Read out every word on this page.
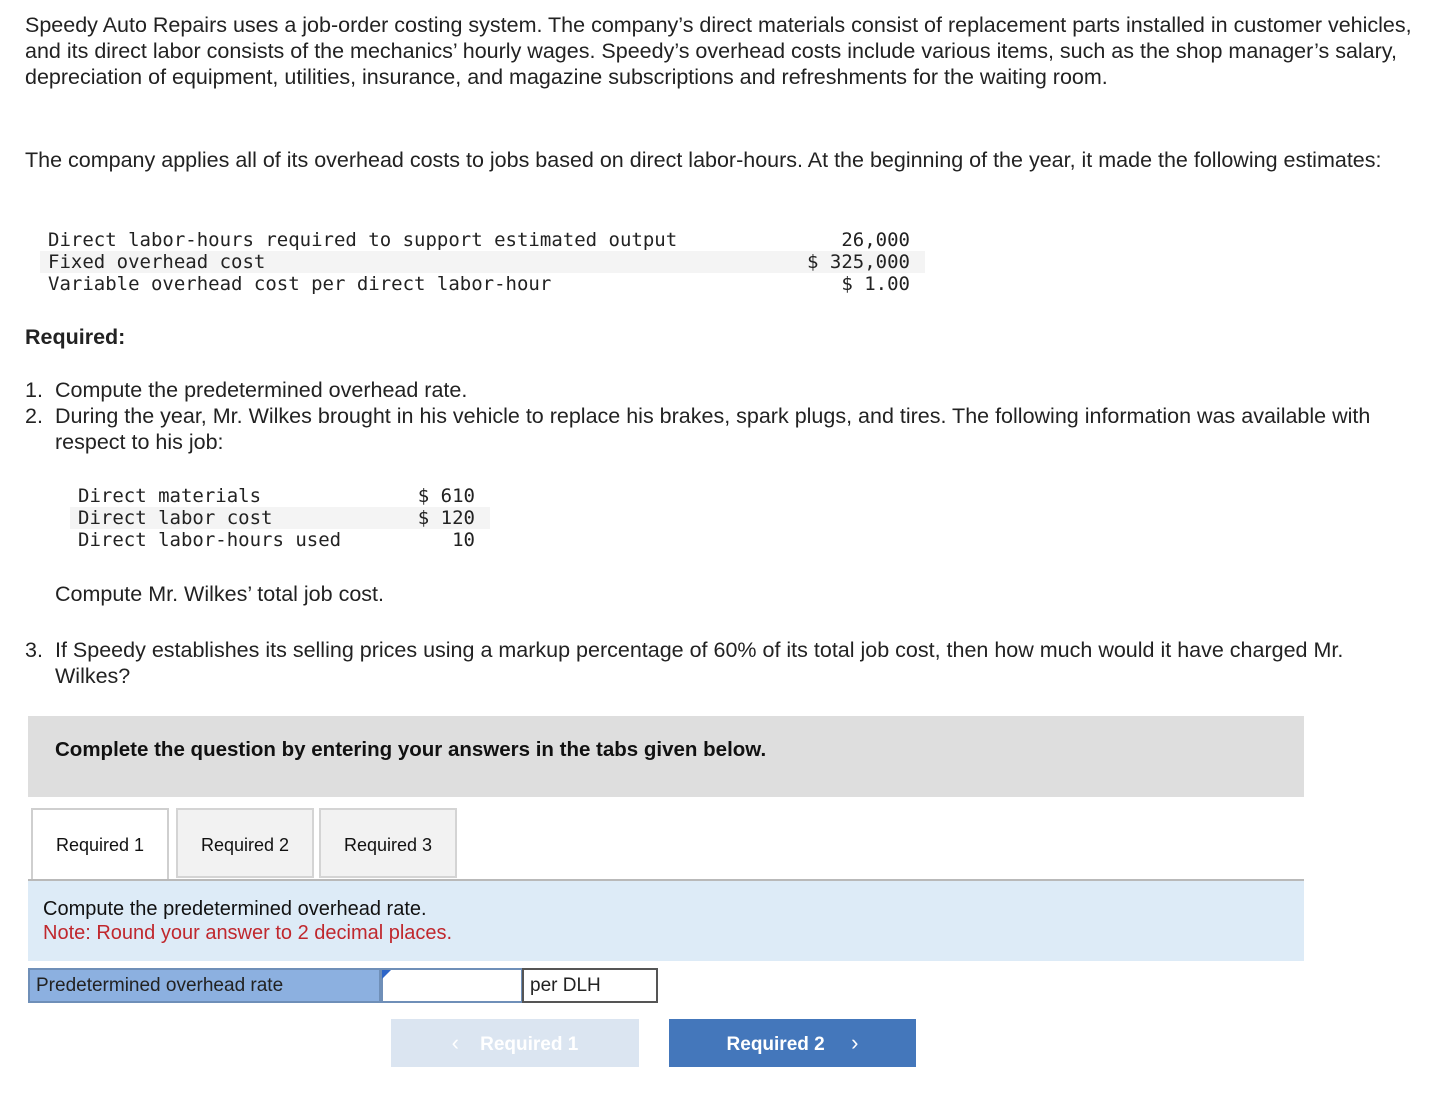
Speedy Auto Repairs uses a job-order costing system. The company’s direct materials consist of replacement parts installed in customer vehicles, and its direct labor consists of the mechanics’ hourly wages. Speedy’s overhead costs include various items, such as the shop manager’s salary, depreciation of equipment, utilities, insurance, and magazine subscriptions and refreshments for the waiting room.

The company applies all of its overhead costs to jobs based on direct labor-hours. At the beginning of the year, it made the following estimates:

Direct labor-hours required to support estimated output	26,000
Fixed overhead cost	$ 325,000
Variable overhead cost per direct labor-hour	$ 1.00
Required:
1. Compute the predetermined overhead rate.
2. During the year, Mr. Wilkes brought in his vehicle to replace his brakes, spark plugs, and tires. The following information was available with respect to his job:
Direct materials	$ 610
Direct labor cost	$ 120
Direct labor-hours used	10
Compute Mr. Wilkes’ total job cost.
3. If Speedy establishes its selling prices using a markup percentage of 60% of its total job cost, then how much would it have charged Mr. Wilkes?
Complete the question by entering your answers in the tabs given below.
Required 1	Required 2	Required 3
Compute the predetermined overhead rate.
Note: Round your answer to 2 decimal places.
Predetermined overhead rate	per DLH
‹ Required 1	Required 2 ›
